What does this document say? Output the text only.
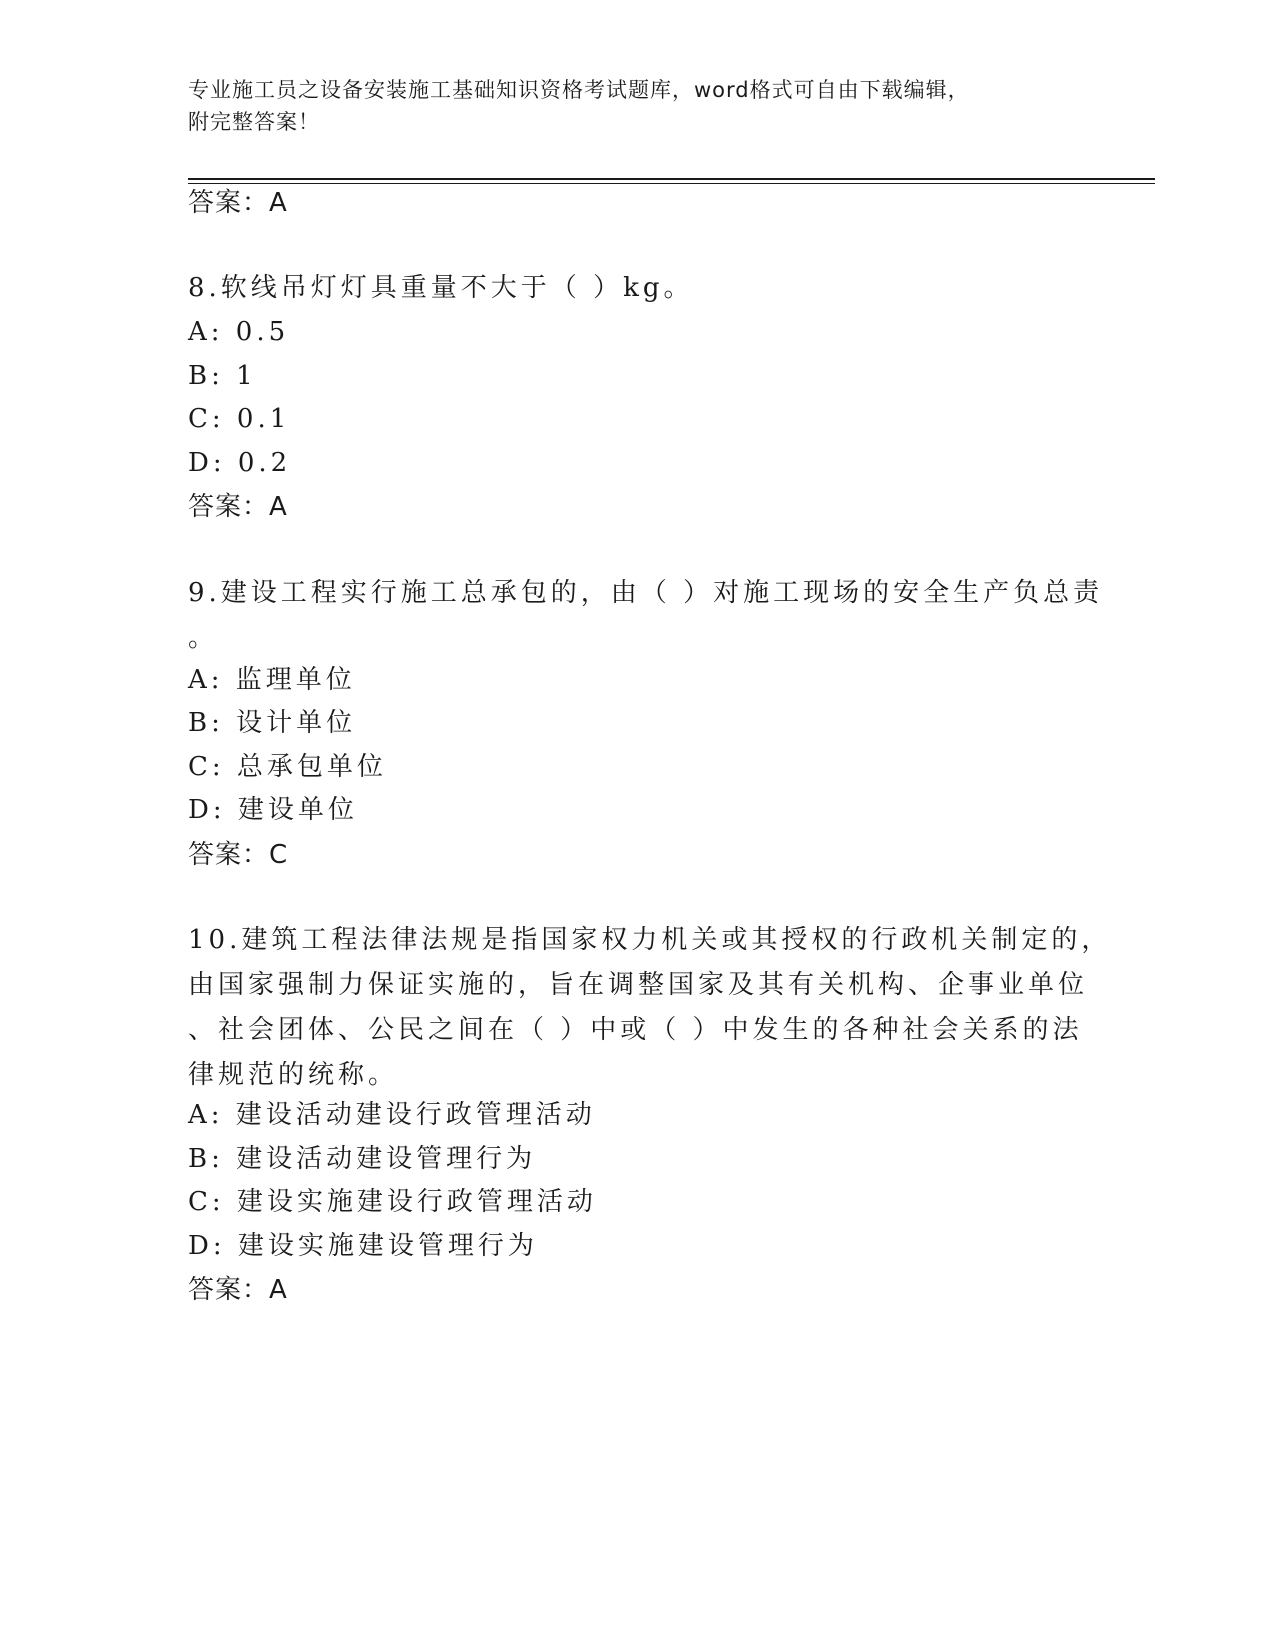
专业施工员之设备安装施工基础知识资格考试题库，word格式可自由下载编辑，
附完整答案！
答案：A
8.软线吊灯灯具重量不大于（ ）kg。
A: 0.5
B: 1
C: 0.1
D: 0.2
答案：A
9.建设工程实行施工总承包的，由（ ）对施工现场的安全生产负总责
。
A: 监理单位
B: 设计单位
C: 总承包单位
D: 建设单位
答案：C
10.建筑工程法律法规是指国家权力机关或其授权的行政机关制定的，
由国家强制力保证实施的，旨在调整国家及其有关机构、企事业单位
、社会团体、公民之间在（ ）中或（ ）中发生的各种社会关系的法
律规范的统称。
A: 建设活动建设行政管理活动
B: 建设活动建设管理行为
C: 建设实施建设行政管理活动
D: 建设实施建设管理行为
答案：A
